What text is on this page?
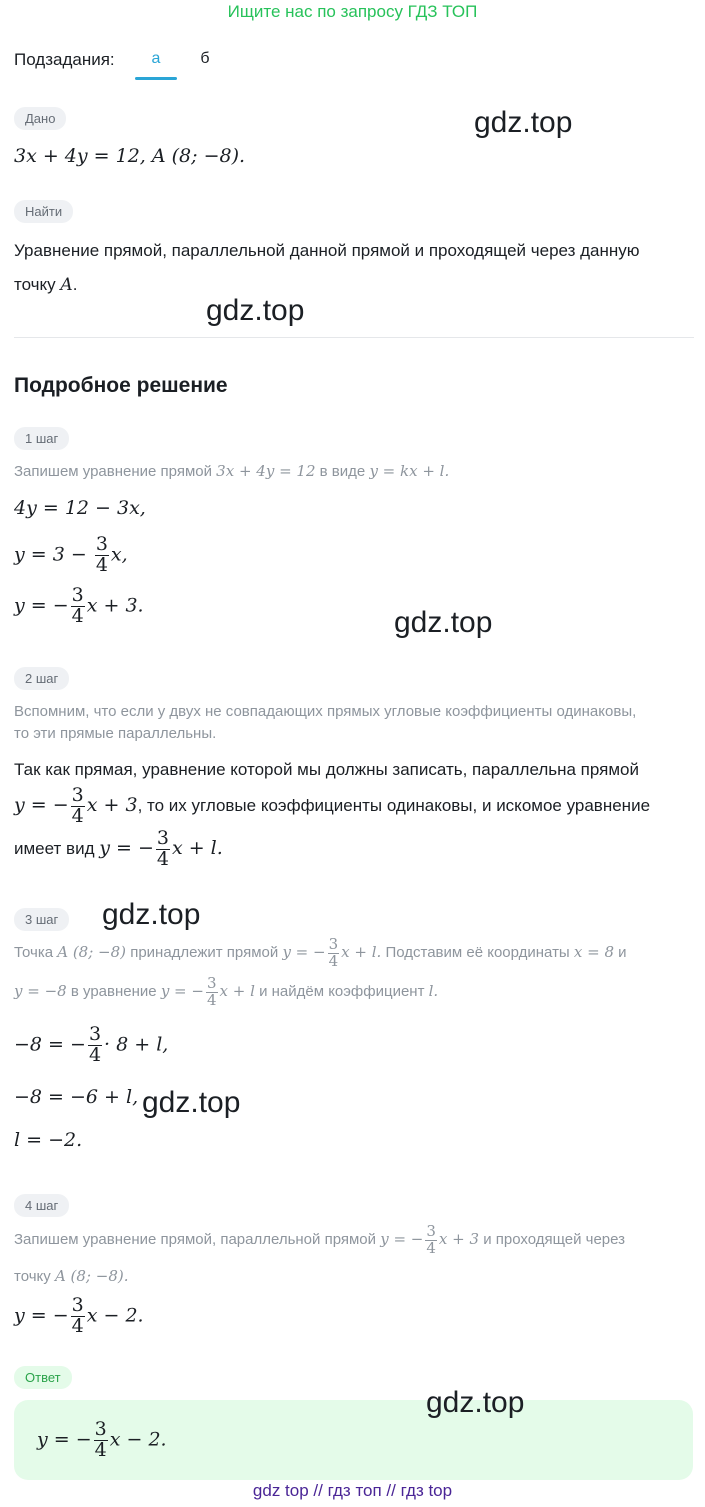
Ищите нас по запросу ГДЗ ТОП
Подзадания:	а	б
Дано
3x + 4y = 12, A (8; −8).
Найти
Уравнение прямой, параллельной данной прямой и проходящей через данную
точку A.
Подробное решение
1 шаг
Запишем уравнение прямой 3x + 4y = 12 в виде y = kx + l.
4y = 12 − 3x,
$y = 3 - \frac{3}{4} x$,
y = − $\frac{3}{4}$ x + 3.
2 шаг
Вспомним, что если у двух не совпадающих прямых угловые коэффициенты одинаковы,
то эти прямые параллельны.
Так как прямая, уравнение которой мы должны записать, параллельна прямой
y = − $\frac{3}{4}$ x + 3, то их угловые коэффициенты одинаковы, и искомое уравнение
имеет вид y = − $\frac{3}{4}$ x + l.
3 шаг
Точка A (8; −8) принадлежит прямой y = − $\frac{3}{4}$ x + l. Подставим её координаты x = 8 и
y = −8 в уравнение y = − $\frac{3}{4}$ x + l и найдём коэффициент l.
−8 = − $\frac{3}{4} \cdot 8 + l$,
−8 = −6 + l,
l = −2.
4 шаг
Запишем уравнение прямой, параллельной прямой y = − $\frac{3}{4}$ x + 3 и проходящей через
точку A (8; −8).
y = − $\frac{3}{4}$ x − 2.
Ответ
y = − $\frac{3}{4}$ x − 2.
gdz.top
gdz.top
gdz.top
gdz.top
gdz.top
gdz.top
gdz top // гдз топ // гдз top
